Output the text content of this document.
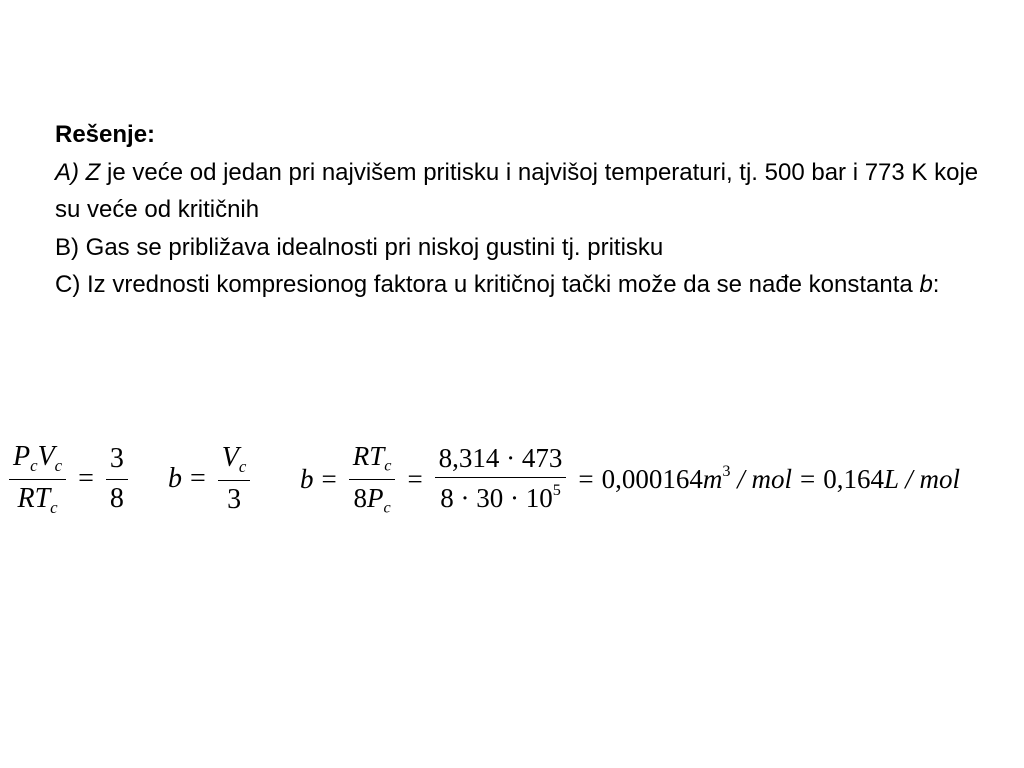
Rešenje:

A) Z je veće od jedan pri najvišem pritisku i najvišoj temperaturi, tj. 500 bar i 773 K koje su veće od kritičnih

B) Gas se približava idealnosti pri niskoj gustini tj. pritisku

C) Iz vrednosti kompresionog faktora u kritičnoj tački može da se nađe konstanta b:

$\frac{P_cV_c}{RT_c} = \frac{3}{8}$ $b = \frac{V_c}{3}$ $b = \frac{RT_c}{8P_c} = \frac{8,314 \cdot 473}{8 \cdot 30 \cdot 10^5} = 0,000164m^3$ / mol = 0,164L / mol
